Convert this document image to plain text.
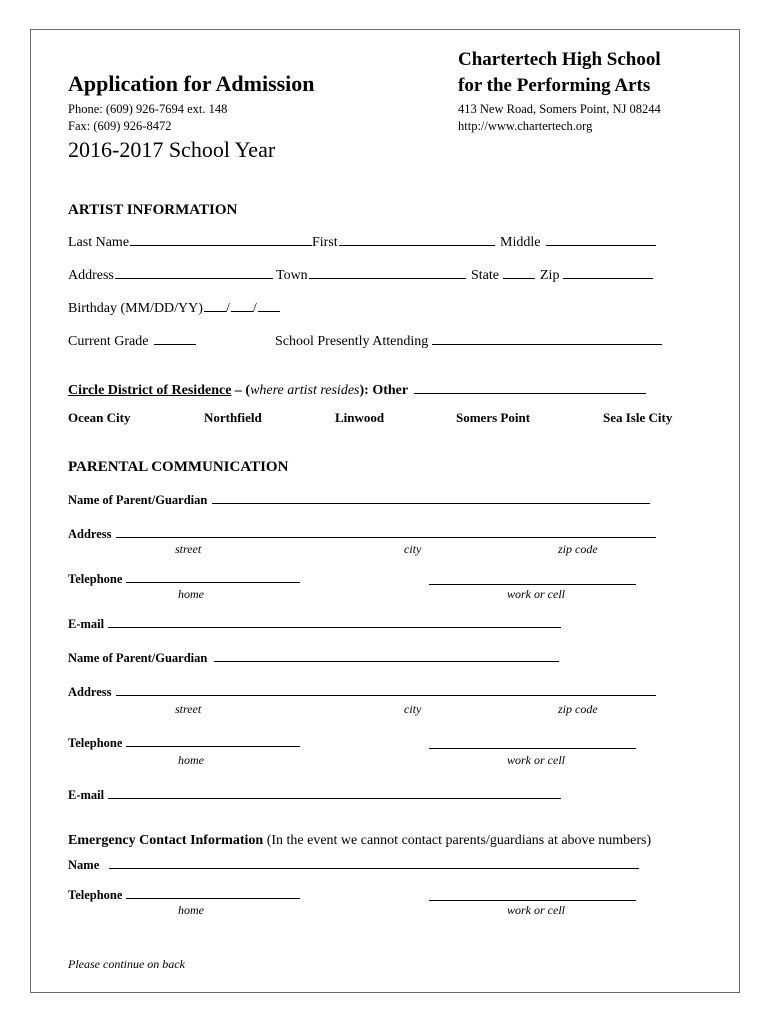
Application for Admission
Phone: (609) 926-7694 ext. 148
Fax: (609) 926-8472
Chartertech High School
for the Performing Arts
413 New Road, Somers Point, NJ 08244
http://www.chartertech.org
2016-2017 School Year
ARTIST INFORMATION
Last Name	First	Middle
Address	Town	State	Zip
Birthday (MM/DD/YY) / /
Current Grade	School Presently Attending
Circle District of Residence – (where artist resides): Other
Ocean City	Northfield	Linwood	Somers Point	Sea Isle City
PARENTAL COMMUNICATION
Name of Parent/Guardian
Address
street	city	zip code
Telephone
home	work or cell
E-mail
Name of Parent/Guardian
Address
street	city	zip code
Telephone
home	work or cell
E-mail
Emergency Contact Information (In the event we cannot contact parents/guardians at above numbers)
Name
Telephone
home	work or cell
Please continue on back
